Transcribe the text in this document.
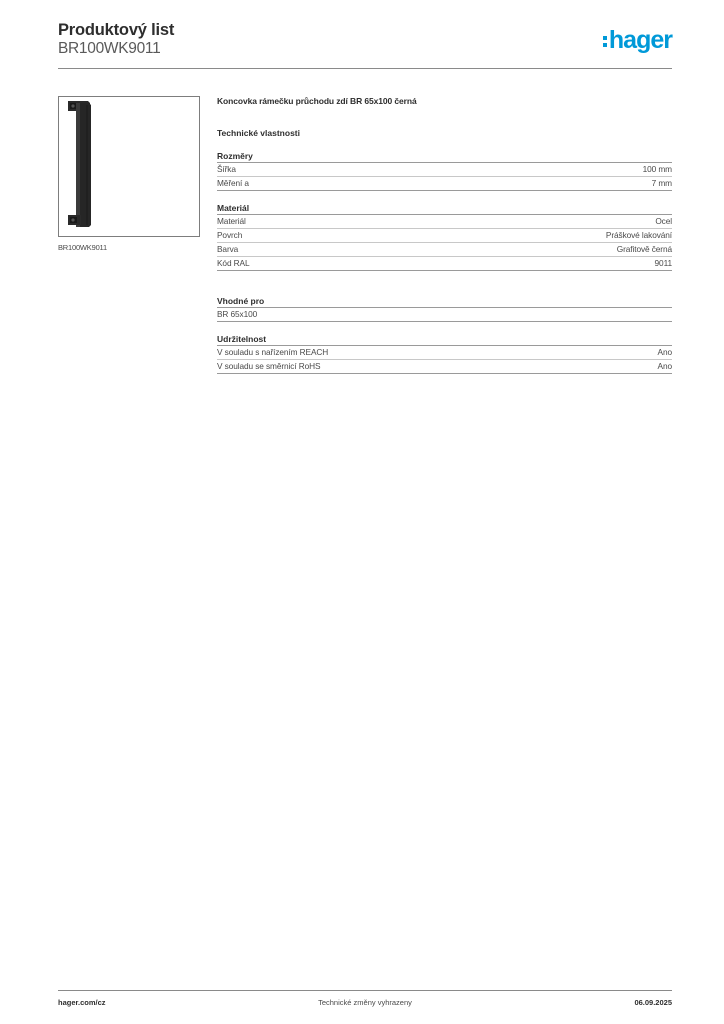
Produktový list
BR100WK9011	hager
BR100WK9011
Koncovka rámečku průchodu zdí BR 65x100 černá
Technické vlastnosti
Rozměry
Šířka	100 mm
Měření a	7 mm
Materiál
Materiál	Ocel
Povrch	Práškové lakování
Barva	Grafitově černá
Kód RAL	9011
Vhodné pro
BR 65x100
Udržitelnost
V souladu s nařízením REACH	Ano
V souladu se směrnicí RoHS	Ano
hager.com/cz	Technické změny vyhrazeny	06.09.2025
